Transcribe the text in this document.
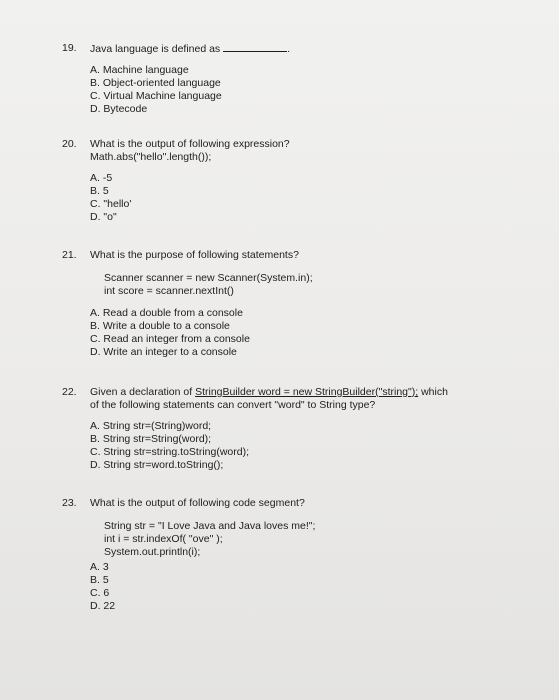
19. Java language is defined as	.
A. Machine language
B. Object-oriented language
C. Virtual Machine language
D. Bytecode
20. What is the output of following expression?
Math.abs("hello".length());
A. -5
B. 5
C. "hello'
D. "o"
21. What is the purpose of following statements?
Scanner scanner = new Scanner(System.in);
int score = scanner.nextInt()
A. Read a double from a console
B. Write a double to a console
C. Read an integer from a console
D. Write an integer to a console
22. Given a declaration of StringBuilder word = new StringBuilder("string"); which
of the following statements can convert "word" to String type?
A. String str=(String)word;
B. String str=String(word);
C. String str=string.toString(word);
D. String str=word.toString();
23. What is the output of following code segment?
String str = "I Love Java and Java loves me!";
int i = str.indexOf( "ove" );
System.out.println(i);
A. 3
B. 5
C. 6
D. 22
